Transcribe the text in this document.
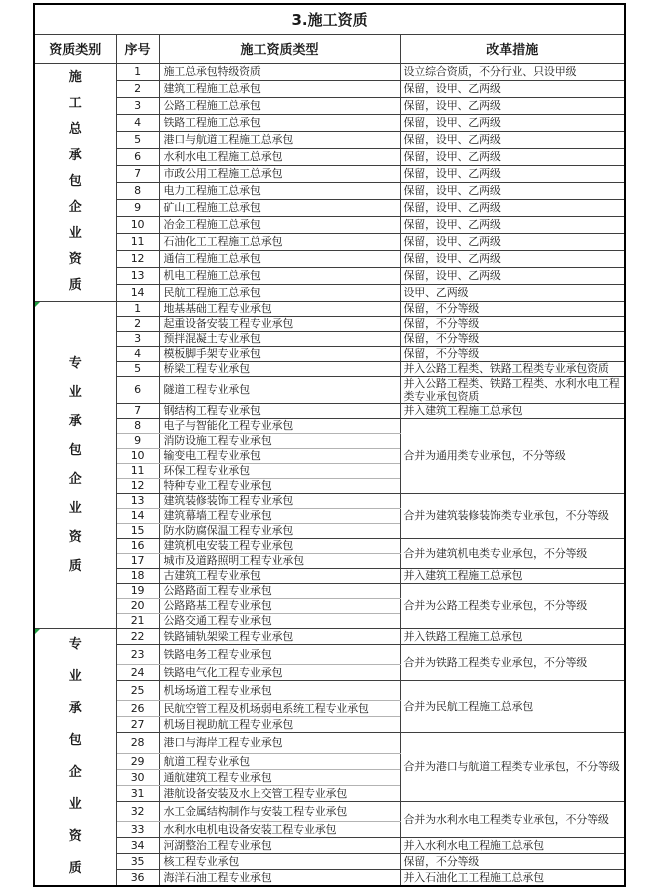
3.施工资质			
资质类别	序号	施工资质类型	改革措施

施
工
总
承
包
企
业
资
质
	1	施工总承包特级资质	设立综合资质，不分行业、只设甲级
	2	建筑工程施工总承包	保留，设甲、乙两级
	3	公路工程施工总承包	保留，设甲、乙两级
	4	铁路工程施工总承包	保留，设甲、乙两级
	5	港口与航道工程施工总承包	保留，设甲、乙两级
	6	水利水电工程施工总承包	保留，设甲、乙两级
	7	市政公用工程施工总承包	保留，设甲、乙两级
	8	电力工程施工总承包	保留，设甲、乙两级
	9	矿山工程施工总承包	保留，设甲、乙两级
	10	冶金工程施工总承包	保留，设甲、乙两级
	11	石油化工工程施工总承包	保留，设甲、乙两级
	12	通信工程施工总承包	保留，设甲、乙两级
	13	机电工程施工总承包	保留，设甲、乙两级
	14	民航工程施工总承包	设甲、乙两级

专
业
承
包
企
业
资
质
	1	地基基础工程专业承包	保留，不分等级
	2	起重设备安装工程专业承包	保留，不分等级
	3	预拌混凝土专业承包	保留，不分等级
	4	模板脚手架专业承包	保留，不分等级
	5	桥梁工程专业承包	并入公路工程类、铁路工程类专业承包资质
	6	隧道工程专业承包	并入公路工程类、铁路工程类、水利水电工程类专业承包资质
	7	钢结构工程专业承包	并入建筑工程施工总承包
	8	电子与智能化工程专业承包	合并为通用类专业承包，不分等级
	9	消防设施工程专业承包	
	10	输变电工程专业承包	
	11	环保工程专业承包	
	12	特种专业工程专业承包	
	13	建筑装修装饰工程专业承包	合并为建筑装修装饰类专业承包，不分等级
	14	建筑幕墙工程专业承包	
	15	防水防腐保温工程专业承包	
	16	建筑机电安装工程专业承包	合并为建筑机电类专业承包，不分等级
	17	城市及道路照明工程专业承包	
	18	古建筑工程专业承包	并入建筑工程施工总承包
	19	公路路面工程专业承包	合并为公路工程类专业承包，不分等级
	20	公路路基工程专业承包	
	21	公路交通工程专业承包	

专
业
承
包
企
业
资
质
	22	铁路铺轨架梁工程专业承包	并入铁路工程施工总承包
	23	铁路电务工程专业承包	合并为铁路工程类专业承包，不分等级
	24	铁路电气化工程专业承包	
	25	机场场道工程专业承包	合并为民航工程施工总承包
	26	民航空管工程及机场弱电系统工程专业承包	
	27	机场目视助航工程专业承包	
	28	港口与海岸工程专业承包	合并为港口与航道工程类专业承包，不分等级
	29	航道工程专业承包	
	30	通航建筑工程专业承包	
	31	港航设备安装及水上交管工程专业承包	
	32	水工金属结构制作与安装工程专业承包	合并为水利水电工程类专业承包，不分等级
	33	水利水电机电设备安装工程专业承包	
	34	河湖整治工程专业承包	并入水利水电工程施工总承包
	35	核工程专业承包	保留，不分等级
	36	海洋石油工程专业承包	并入石油化工工程施工总承包
